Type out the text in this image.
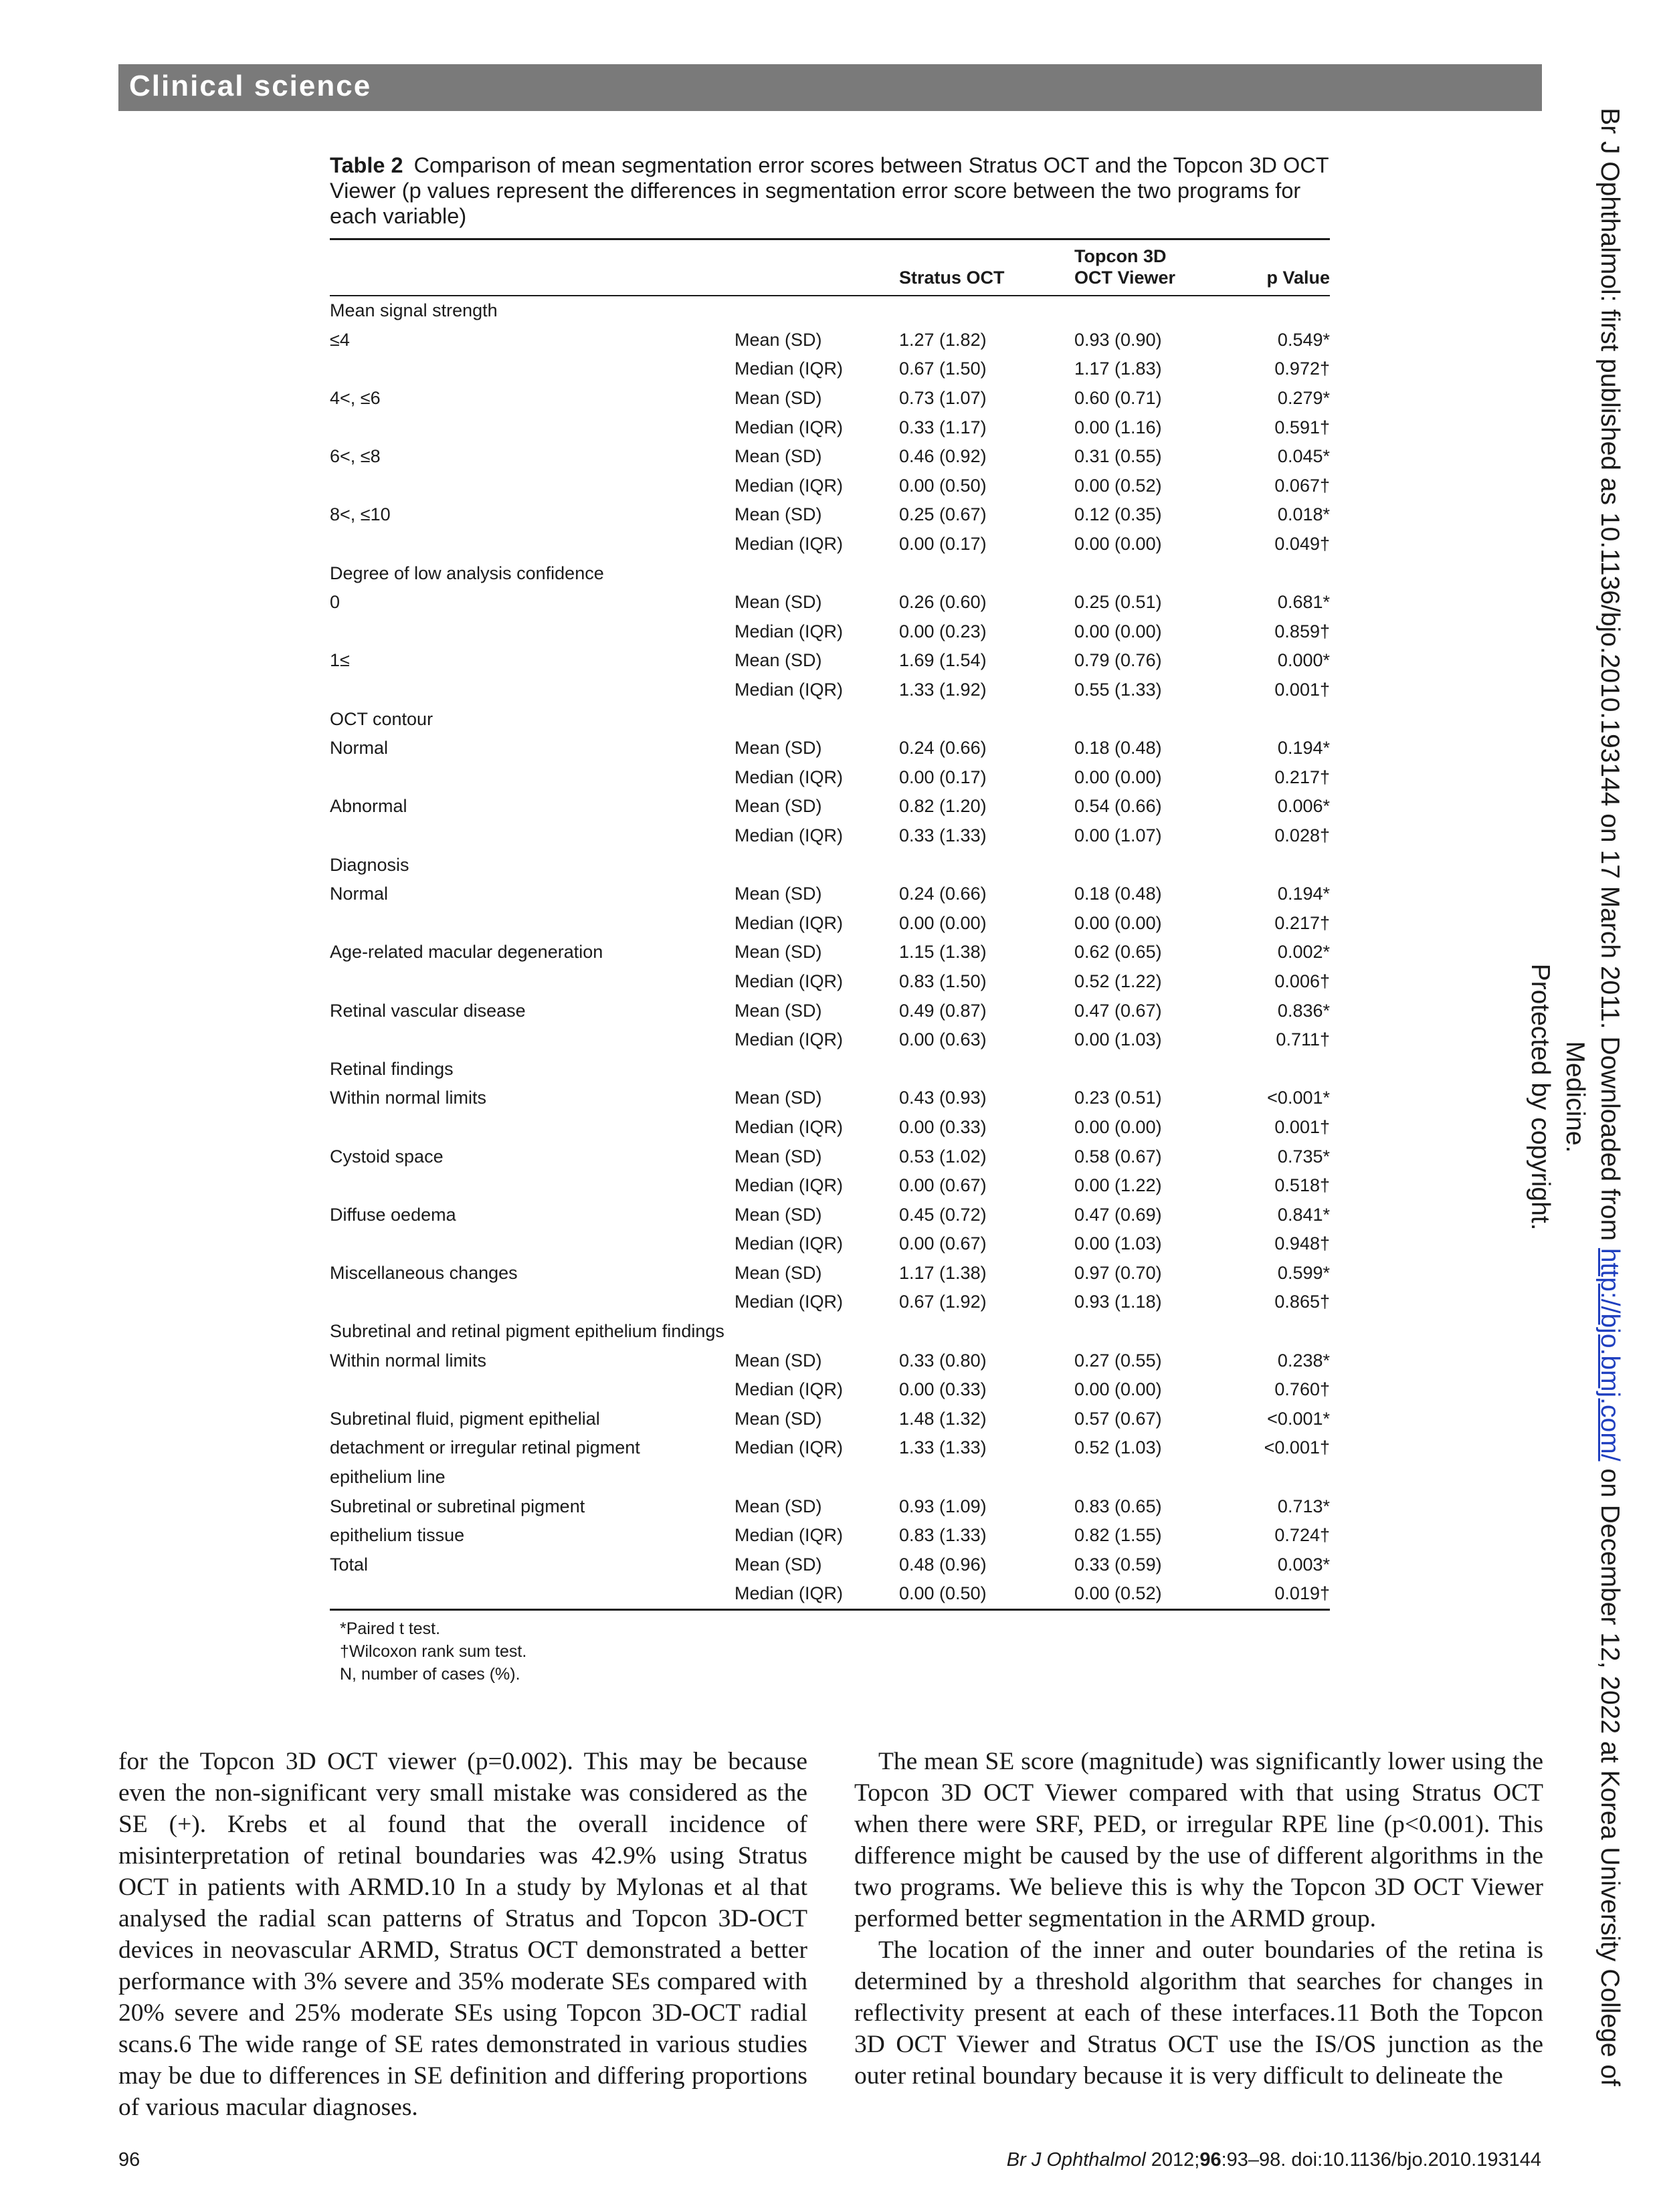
Clinical science
Br J Ophthalmol: first published as 10.1136/bjo.2010.193144 on 17 March 2011. Downloaded from http://bjo.bmj.com/ on December 12, 2022 at Korea University College of Medicine.
Protected by copyright.
Table 2 Comparison of mean segmentation error scores between Stratus OCT and the Topcon 3D OCT Viewer (p values represent the differences in segmentation error score between the two programs for each variable)
		Stratus OCT	Topcon 3D
OCT Viewer	p Value
Mean signal strength				
≤4	Mean (SD)	1.27 (1.82)	0.93 (0.90)	0.549*
	Median (IQR)	0.67 (1.50)	1.17 (1.83)	0.972†
4<, ≤6	Mean (SD)	0.73 (1.07)	0.60 (0.71)	0.279*
	Median (IQR)	0.33 (1.17)	0.00 (1.16)	0.591†
6<, ≤8	Mean (SD)	0.46 (0.92)	0.31 (0.55)	0.045*
	Median (IQR)	0.00 (0.50)	0.00 (0.52)	0.067†
8<, ≤10	Mean (SD)	0.25 (0.67)	0.12 (0.35)	0.018*
	Median (IQR)	0.00 (0.17)	0.00 (0.00)	0.049†
Degree of low analysis confidence				
0	Mean (SD)	0.26 (0.60)	0.25 (0.51)	0.681*
	Median (IQR)	0.00 (0.23)	0.00 (0.00)	0.859†
1≤	Mean (SD)	1.69 (1.54)	0.79 (0.76)	0.000*
	Median (IQR)	1.33 (1.92)	0.55 (1.33)	0.001†
OCT contour				
Normal	Mean (SD)	0.24 (0.66)	0.18 (0.48)	0.194*
	Median (IQR)	0.00 (0.17)	0.00 (0.00)	0.217†
Abnormal	Mean (SD)	0.82 (1.20)	0.54 (0.66)	0.006*
	Median (IQR)	0.33 (1.33)	0.00 (1.07)	0.028†
Diagnosis				
Normal	Mean (SD)	0.24 (0.66)	0.18 (0.48)	0.194*
	Median (IQR)	0.00 (0.00)	0.00 (0.00)	0.217†
Age-related macular degeneration	Mean (SD)	1.15 (1.38)	0.62 (0.65)	0.002*
	Median (IQR)	0.83 (1.50)	0.52 (1.22)	0.006†
Retinal vascular disease	Mean (SD)	0.49 (0.87)	0.47 (0.67)	0.836*
	Median (IQR)	0.00 (0.63)	0.00 (1.03)	0.711†
Retinal findings				
Within normal limits	Mean (SD)	0.43 (0.93)	0.23 (0.51)	<0.001*
	Median (IQR)	0.00 (0.33)	0.00 (0.00)	0.001†
Cystoid space	Mean (SD)	0.53 (1.02)	0.58 (0.67)	0.735*
	Median (IQR)	0.00 (0.67)	0.00 (1.22)	0.518†
Diffuse oedema	Mean (SD)	0.45 (0.72)	0.47 (0.69)	0.841*
	Median (IQR)	0.00 (0.67)	0.00 (1.03)	0.948†
Miscellaneous changes	Mean (SD)	1.17 (1.38)	0.97 (0.70)	0.599*
	Median (IQR)	0.67 (1.92)	0.93 (1.18)	0.865†
Subretinal and retinal pigment epithelium findings				
Within normal limits	Mean (SD)	0.33 (0.80)	0.27 (0.55)	0.238*
	Median (IQR)	0.00 (0.33)	0.00 (0.00)	0.760†
Subretinal fluid, pigment epithelial	Mean (SD)	1.48 (1.32)	0.57 (0.67)	<0.001*
detachment or irregular retinal pigment	Median (IQR)	1.33 (1.33)	0.52 (1.03)	<0.001†
epithelium line				
Subretinal or subretinal pigment	Mean (SD)	0.93 (1.09)	0.83 (0.65)	0.713*
epithelium tissue	Median (IQR)	0.83 (1.33)	0.82 (1.55)	0.724†
Total	Mean (SD)	0.48 (0.96)	0.33 (0.59)	0.003*
	Median (IQR)	0.00 (0.50)	0.00 (0.52)	0.019†
*Paired t test.
†Wilcoxon rank sum test.
N, number of cases (%).

for the Topcon 3D OCT viewer (p=0.002). This may be because even the non-significant very small mistake was considered as the SE (+). Krebs et al found that the overall incidence of misinterpretation of retinal boundaries was 42.9% using Stratus OCT in patients with ARMD.10 In a study by Mylonas et al that analysed the radial scan patterns of Stratus and Topcon 3D-OCT devices in neovascular ARMD, Stratus OCT demonstrated a better performance with 3% severe and 35% moderate SEs compared with 20% severe and 25% moderate SEs using Topcon 3D-OCT radial scans.6 The wide range of SE rates demonstrated in various studies may be due to differences in SE definition and differing proportions of various macular diagnoses.

The mean SE score (magnitude) was significantly lower using the Topcon 3D OCT Viewer compared with that using Stratus OCT when there were SRF, PED, or irregular RPE line (p<0.001). This difference might be caused by the use of different algorithms in the two programs. We believe this is why the Topcon 3D OCT Viewer performed better segmentation in the ARMD group.

The location of the inner and outer boundaries of the retina is determined by a threshold algorithm that searches for changes in reflectivity present at each of these interfaces.11 Both the Topcon 3D OCT Viewer and Stratus OCT use the IS/OS junction as the outer retinal boundary because it is very difficult to delineate the

96	Br J Ophthalmol 2012;96:93–98. doi:10.1136/bjo.2010.193144
